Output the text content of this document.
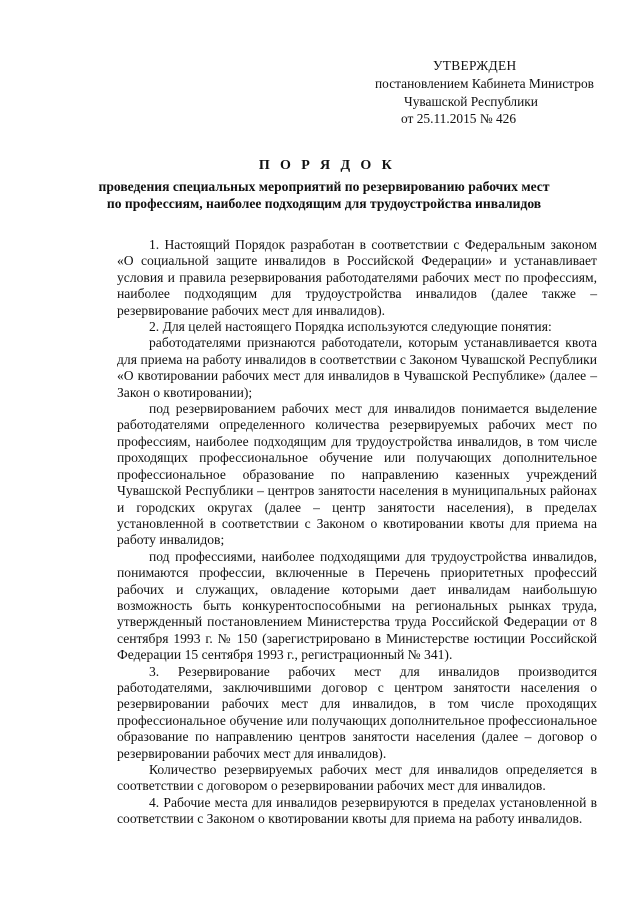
УТВЕРЖДЕН
постановлением Кабинета Министров
Чувашской Республики
от 25.11.2015 № 426
П О Р Я Д О К
проведения специальных мероприятий по резервированию рабочих мест
по профессиям, наиболее подходящим для трудоустройства инвалидов

1. Настоящий Порядок разработан в соответствии с Федеральным законом «О социальной защите инвалидов в Российской Федерации» и устанавливает условия и правила резервирования работодателями рабочих мест по профессиям, наиболее подходящим для трудоустройства инвалидов (далее также – резервирование рабочих мест для инвалидов).

2. Для целей настоящего Порядка используются следующие понятия:

работодателями признаются работодатели, которым устанавливается квота для приема на работу инвалидов в соответствии с Законом Чувашской Республики «О квотировании рабочих мест для инвалидов в Чувашской Республике» (далее – Закон о квотировании);

под резервированием рабочих мест для инвалидов понимается выделение работодателями определенного количества резервируемых рабочих мест по профессиям, наиболее подходящим для трудоустройства инвалидов, в том числе проходящих профессиональное обучение или получающих дополнительное профессиональное образование по направлению казенных учреждений Чувашской Республики – центров занятости населения в муниципальных районах и городских округах (далее – центр занятости населения), в пределах установленной в соответствии с Законом о квотировании квоты для приема на работу инвалидов;

под профессиями, наиболее подходящими для трудоустройства инвалидов, понимаются профессии, включенные в Перечень приоритетных профессий рабочих и служащих, овладение которыми дает инвалидам наибольшую возможность быть конкурентоспособными на региональных рынках труда, утвержденный постановлением Министерства труда Российской Федерации от 8 сентября 1993 г. № 150 (зарегистрировано в Министерстве юстиции Российской Федерации 15 сентября 1993 г., регистрационный № 341).

3. Резервирование рабочих мест для инвалидов производится работодателями, заключившими договор с центром занятости населения о резервировании рабочих мест для инвалидов, в том числе проходящих профессиональное обучение или получающих дополнительное профессиональное образование по направлению центров занятости населения (далее – договор о резервировании рабочих мест для инвалидов).

Количество резервируемых рабочих мест для инвалидов определяется в соответствии с договором о резервировании рабочих мест для инвалидов.

4. Рабочие места для инвалидов резервируются в пределах установленной в соответствии с Законом о квотировании квоты для приема на работу инвалидов.
